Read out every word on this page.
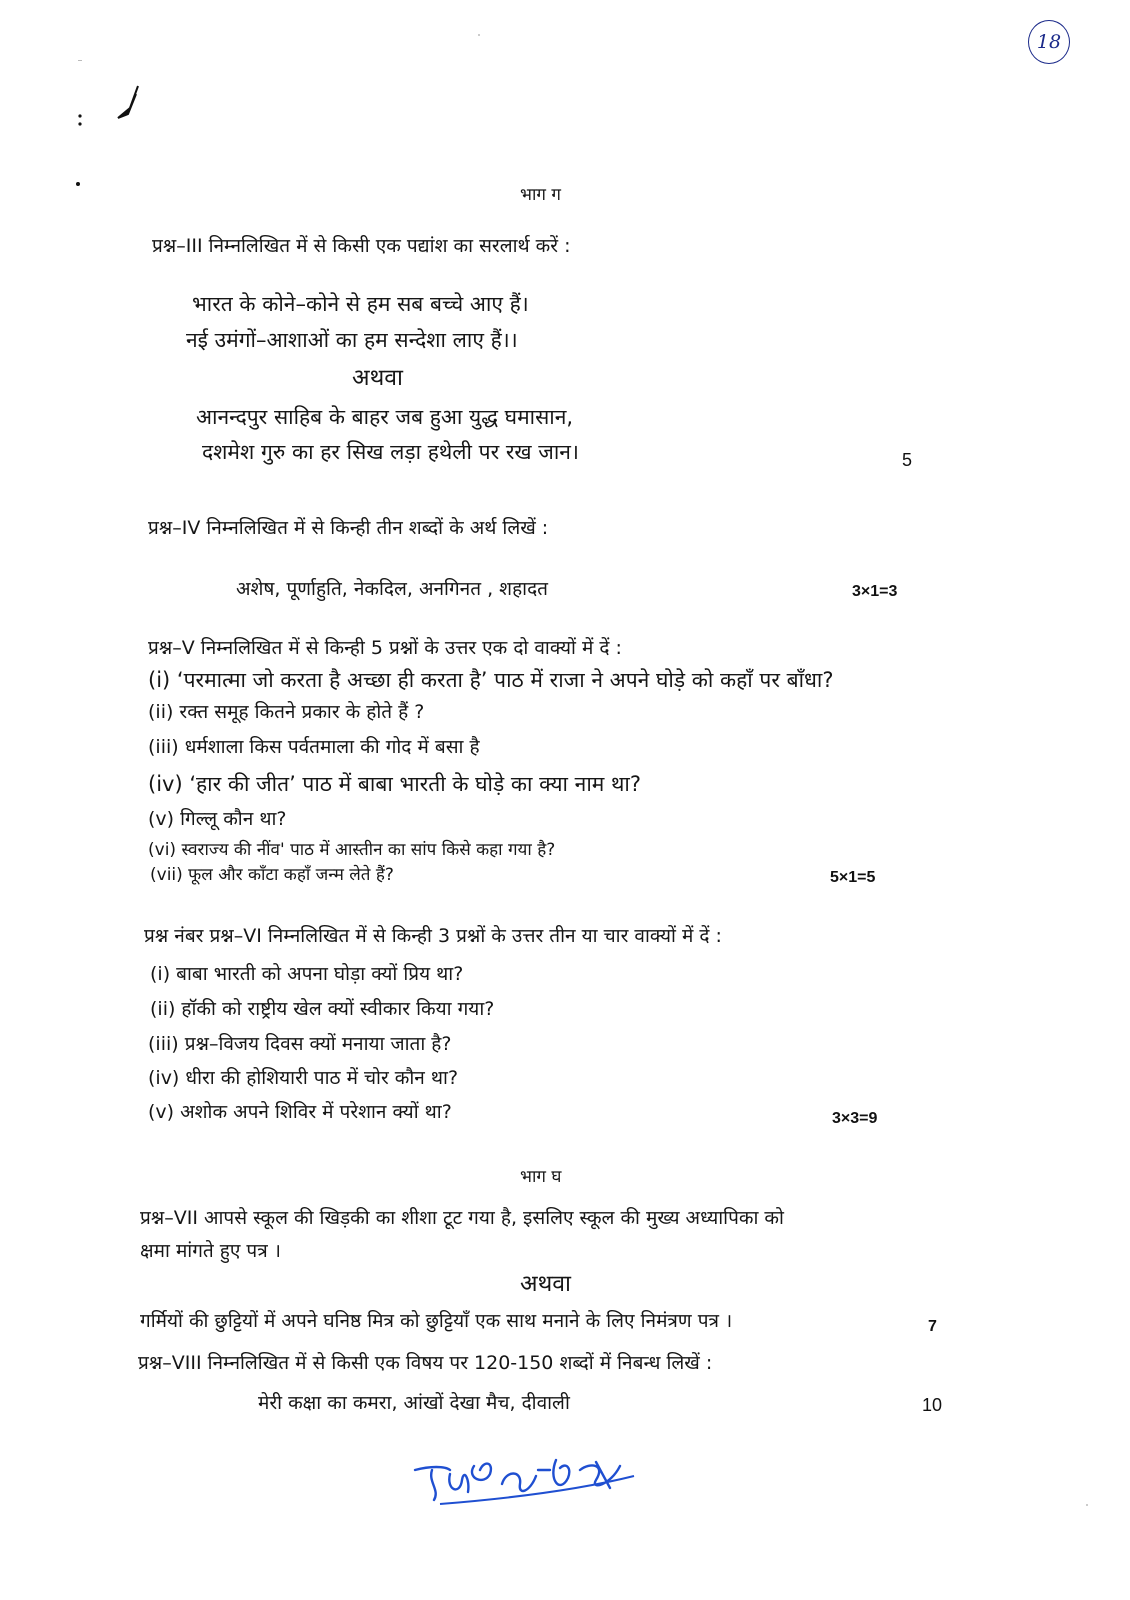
18
भाग ग
प्रश्न–III निम्नलिखित में से किसी एक पद्यांश का सरलार्थ करें :
भारत के कोने–कोने से हम सब बच्चे आए हैं।
नई उमंगों–आशाओं का हम सन्देशा लाए हैं।।
अथवा
आनन्दपुर साहिब के बाहर जब हुआ युद्ध घमासान,
दशमेश गुरु का हर सिख लड़ा हथेली पर रख जान।	5
प्रश्न–IV निम्नलिखित में से किन्ही तीन शब्दों के अर्थ लिखें :
अशेष, पूर्णाहुति, नेकदिल, अनगिनत , शहादत	3×1=3
प्रश्न–V निम्नलिखित में से किन्ही 5 प्रश्नों के उत्तर एक दो वाक्यों में दें :
(i) ‘परमात्मा जो करता है अच्छा ही करता है’ पाठ में राजा ने अपने घोड़े को कहाँ पर बाँधा?
(ii) रक्त समूह कितने प्रकार के होते हैं ?
(iii) धर्मशाला किस पर्वतमाला की गोद में बसा है
(iv) ‘हार की जीत’ पाठ में बाबा भारती के घोड़े का क्या नाम था?
(v) गिल्लू कौन था?
(vi) स्वराज्य की नींव' पाठ में आस्तीन का सांप किसे कहा गया है?
(vii) फूल और काँटा कहाँ जन्म लेते हैं?	5×1=5
प्रश्न नंबर प्रश्न–VI निम्नलिखित में से किन्ही 3 प्रश्नों के उत्तर तीन या चार वाक्यों में दें :
(i) बाबा भारती को अपना घोड़ा क्यों प्रिय था?
(ii) हॉकी को राष्ट्रीय खेल क्यों स्वीकार किया गया?
(iii) प्रश्न–विजय दिवस क्यों मनाया जाता है?
(iv) धीरा की होशियारी पाठ में चोर कौन था?
(v) अशोक अपने शिविर में परेशान क्यों था?	3×3=9
भाग घ
प्रश्न–VII आपसे स्कूल की खिड़की का शीशा टूट गया है, इसलिए स्कूल की मुख्य अध्यापिका को
क्षमा मांगते हुए पत्र ।
अथवा
गर्मियों की छुट्टियों में अपने घनिष्ठ मित्र को छुट्टियाँ एक साथ मनाने के लिए निमंत्रण पत्र ।	7
प्रश्न–VIII निम्नलिखित में से किसी एक विषय पर 120-150 शब्दों में निबन्ध लिखें :
मेरी कक्षा का कमरा, आंखों देखा मैच, दीवाली	10
